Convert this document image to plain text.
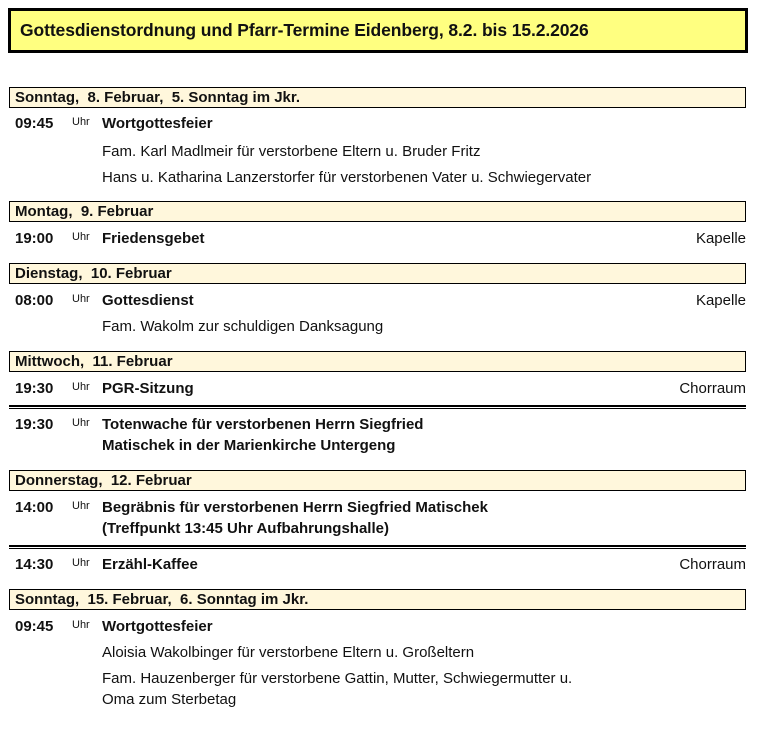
Gottesdienstordnung und Pfarr-Termine Eidenberg, 8.2. bis 15.2.2026
Sonntag,  8. Februar,  5. Sonntag im Jkr.
09:45 Uhr Wortgottesfeier
Fam. Karl Madlmeir für verstorbene Eltern u. Bruder Fritz
Hans u. Katharina Lanzerstorfer für verstorbenen Vater u. Schwiegervater
Montag,  9. Februar
19:00 Uhr Friedensgebet	Kapelle
Dienstag,  10. Februar
08:00 Uhr Gottesdienst	Kapelle
Fam. Wakolm zur schuldigen Danksagung
Mittwoch,  11. Februar
19:30 Uhr PGR-Sitzung	Chorraum
19:30 Uhr Totenwache für verstorbenen Herrn Siegfried
Matischek in der Marienkirche Untergeng
Donnerstag,  12. Februar
14:00 Uhr Begräbnis für verstorbenen Herrn Siegfried Matischek
(Treffpunkt 13:45 Uhr Aufbahrungshalle)
14:30 Uhr Erzähl-Kaffee	Chorraum
Sonntag,  15. Februar,  6. Sonntag im Jkr.
09:45 Uhr Wortgottesfeier
Aloisia Wakolbinger für verstorbene Eltern u. Großeltern
Fam. Hauzenberger für verstorbene Gattin, Mutter, Schwiegermutter u.
Oma zum Sterbetag
